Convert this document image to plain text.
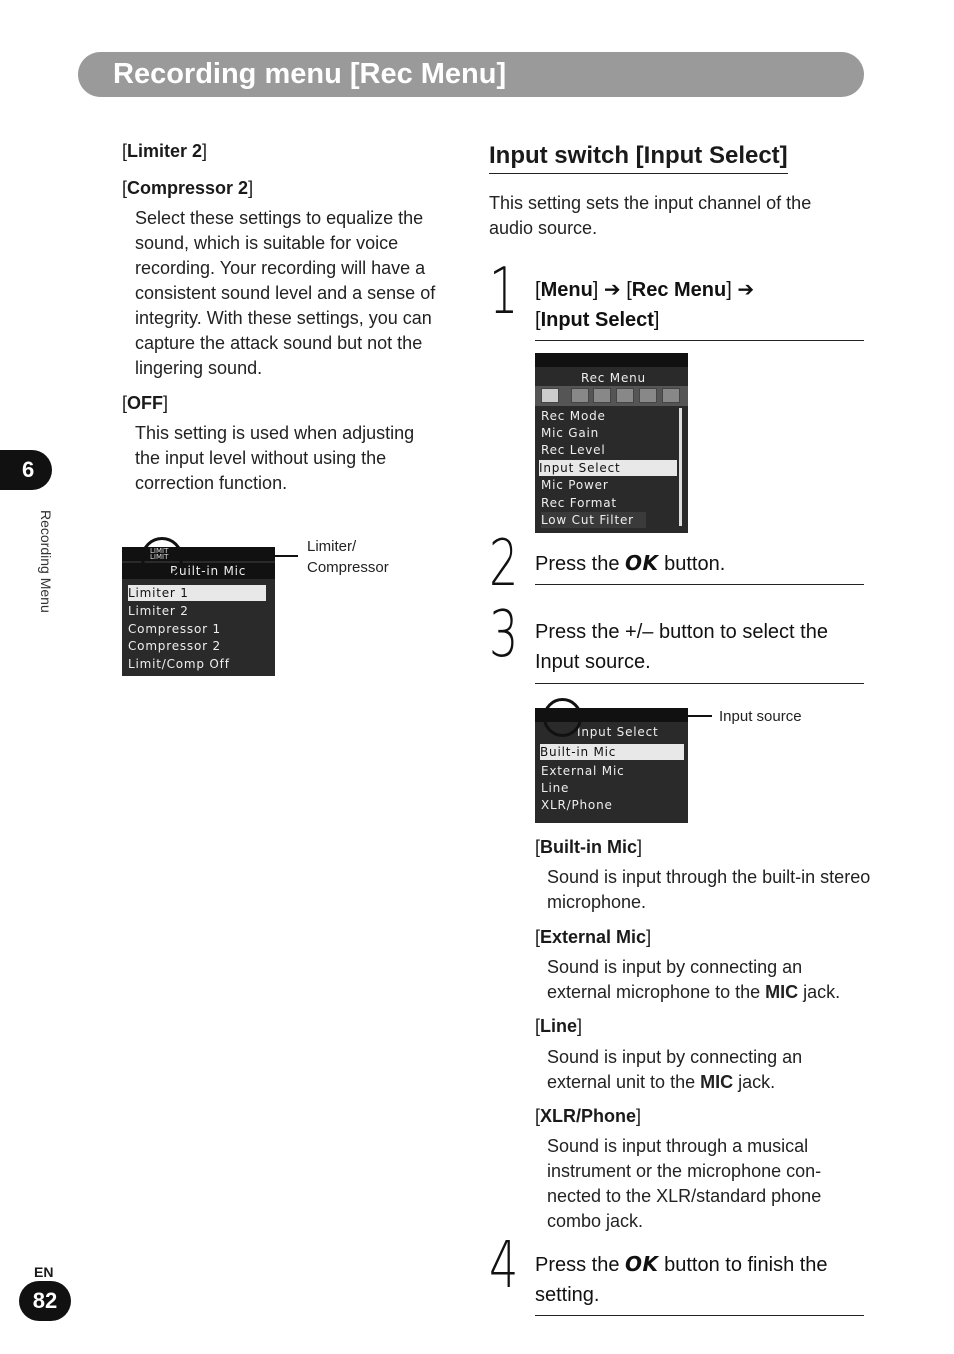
Recording menu [Rec Menu]
[Limiter 2]
[Compressor 2]
Select these settings to equalize the
sound, which is suitable for voice
recording. Your recording will have a
consistent sound level and a sense of
integrity. With these settings, you can
capture the attack sound but not the
lingering sound.
[OFF]
This setting is used when adjusting
the input level without using the
correction function.
LIMIT
LIMIT
Built-in Mic
Limiter 1
Limiter 2
Compressor 1
Compressor 2
Limit/Comp Off
Limiter/
Compressor
Input switch [Input Select]
This setting sets the input channel of the
audio source.
1 [Menu] ➔ [Rec Menu] ➔
[Input Select]
Rec Menu
Rec Mode
Mic Gain
Rec Level
Input Select
Mic Power
Rec Format
Low Cut Filter
2 Press the OK button.
3 Press the +/– button to select the
Input source.
Input Select
Built-in Mic
External Mic
Line
XLR/Phone
Input source
[Built-in Mic]
Sound is input through the built-in stereo
microphone.
[External Mic]
Sound is input by connecting an
external microphone to the MIC jack.
[Line]
Sound is input by connecting an
external unit to the MIC jack.
[XLR/Phone]
Sound is input through a musical
instrument or the microphone con-
nected to the XLR/standard phone
combo jack.
4 Press the OK button to finish the
setting.
6
Recording Menu
EN
82
